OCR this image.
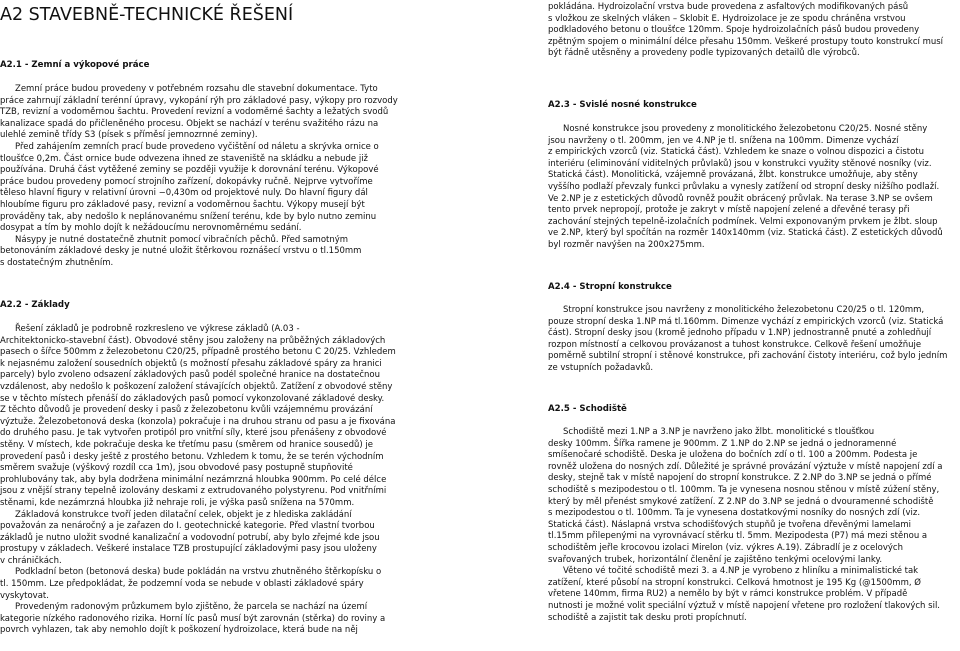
A2 STAVEBNĚ-TECHNICKÉ ŘEŠENÍ
A2.1 - Zemní a výkopové práce
Zemní práce budou provedeny v potřebném rozsahu dle stavební dokumentace. Tyto
práce zahrnují základní terénní úpravy, vykopání rýh pro základové pasy, výkopy pro rozvody
TZB, revizní a vodoměrnou šachtu. Provedení revizní a vodoměrné šachty a ležatých svodů
kanalizace spadá do přičleněného procesu. Objekt se nachází v terénu svažitého rázu na
ulehlé zemině třídy S3 (písek s příměsí jemnozrnné zeminy).
Před zahájením zemních prací bude provedeno vyčištění od náletu a skrývka ornice o
tloušťce 0,2m. Část ornice bude odvezena ihned ze staveniště na skládku a nebude již
používána. Druhá část vytěžené zeminy se později využije k dorovnání terénu. Výkopové
práce budou provedeny pomocí strojního zařízení, dokopávky ručně. Nejprve vytvoříme
těleso hlavní figury v relativní úrovni −0,430m od projektové nuly. Do hlavní figury dál
hloubíme figuru pro základové pasy, revizní a vodoměrnou šachtu. Výkopy musejí být
prováděny tak, aby nedošlo k neplánovanému snížení terénu, kde by bylo nutno zeminu
dosypat a tím by mohlo dojít k nežádoucímu nerovnoměrnému sedání.
Násypy je nutné dostatečně zhutnit pomocí vibračních pěchů. Před samotným
betonováním základové desky je nutné uložit štěrkovou roznášecí vrstvu o tl.150mm
s dostatečným zhutněním.
A2.2 - Základy
Řešení základů je podrobně rozkresleno ve výkrese základů (A.03 -
Architektonicko-stavební část). Obvodové stěny jsou založeny na průběžných základových
pasech o šířce 500mm z železobetonu C20/25, případně prostého betonu C 20/25. Vzhledem
k nejasnému založení sousedních objektů (s možností přesahu základové spáry za hranici
parcely) bylo zvoleno odsazení základových pasů podél společné hranice na dostatečnou
vzdálenost, aby nedošlo k poškození založení stávajících objektů. Zatížení z obvodové stěny
se v těchto místech přenáší do základových pasů pomocí vykonzolované základové desky.
Z těchto důvodů je provedení desky i pasů z železobetonu kvůli vzájemnému provázání
výztuže. Železobetonová deska (konzola) pokračuje i na druhou stranu od pasu a je fixována
do druhého pasu. Je tak vytvořen protipól pro vnitřní síly, které jsou přenášeny z obvodové
stěny. V místech, kde pokračuje deska ke třetímu pasu (směrem od hranice sousedů) je
provedení pasů i desky ještě z prostého betonu. Vzhledem k tomu, že se terén východním
směrem svažuje (výškový rozdíl cca 1m), jsou obvodové pasy postupně stupňovité
prohlubovány tak, aby byla dodržena minimální nezámrzná hloubka 900mm. Po celé délce
jsou z vnější strany tepelně izolovány deskami z extrudovaného polystyrenu. Pod vnitřními
stěnami, kde nezámrzná hloubka již nehraje roli, je výška pasů snížena na 570mm.
Základová konstrukce tvoří jeden dilatační celek, objekt je z hlediska zakládání
považován za nenáročný a je zařazen do I. geotechnické kategorie. Před vlastní tvorbou
základů je nutno uložit svodné kanalizační a vodovodní potrubí, aby bylo zřejmé kde jsou
prostupy v základech. Veškeré instalace TZB prostupující základovými pasy jsou uloženy
v chráničkách.
Podkladní beton (betonová deska) bude pokládán na vrstvu zhutněného štěrkopísku o
tl. 150mm. Lze předpokládat, že podzemní voda se nebude v oblasti základové spáry
vyskytovat.
Provedeným radonovým průzkumem bylo zjištěno, že parcela se nachází na území
kategorie nízkého radonového rizika. Horní líc pasů musí být zarovnán (stěrka) do roviny a
povrch vyhlazen, tak aby nemohlo dojít k poškození hydroizolace, která bude na něj
pokládána. Hydroizolační vrstva bude provedena z asfaltových modifikovaných pásů
s vložkou ze skelných vláken – Sklobit E. Hydroizolace je ze spodu chráněna vrstvou
podkladového betonu o tloušťce 120mm. Spoje hydroizolačních pásů budou provedeny
zpětným spojem o minimální délce přesahu 150mm. Veškeré prostupy touto konstrukcí musí
být řádně utěsněny a provedeny podle typizovaných detailů dle výrobců.
A2.3 - Svislé nosné konstrukce
Nosné konstrukce jsou provedeny z monolitického železobetonu C20/25. Nosné stěny
jsou navrženy o tl. 200mm, jen ve 4.NP je tl. snížena na 100mm. Dimenze vychází
z empirických vzorců (viz. Statická část). Vzhledem ke snaze o volnou dispozici a čistotu
interiéru (eliminování viditelných průvlaků) jsou v konstrukci využity stěnové nosníky (viz.
Statická část). Monolitická, vzájemně provázaná, žlbt. konstrukce umožňuje, aby stěny
vyššího podlaží převzaly funkci průvlaku a vynesly zatížení od stropní desky nižšího podlaží.
Ve 2.NP je z estetických důvodů rovněž použit obrácený průvlak. Na terase 3.NP se ovšem
tento prvek nepropojí, protože je zakryt v místě napojení zelené a dřevěné terasy při
zachování stejných tepelně-izolačních podmínek. Velmi exponovaným prvkem je žlbt. sloup
ve 2.NP, který byl spočítán na rozměr 140x140mm (viz. Statická část). Z estetických důvodů
byl rozměr navýšen na 200x275mm.
A2.4 - Stropní konstrukce
Stropní konstrukce jsou navrženy z monolitického železobetonu C20/25 o tl. 120mm,
pouze stropní deska 1.NP má tl.160mm. Dimenze vychází z empirických vzorců (viz. Statická
část). Stropní desky jsou (kromě jednoho případu v 1.NP) jednostranně pnuté a zohledňují
rozpon místností a celkovou provázanost a tuhost konstrukce. Celkově řešení umožňuje
poměrně subtilní stropní i stěnové konstrukce, při zachování čistoty interiéru, což bylo jedním
ze vstupních požadavků.
A2.5 - Schodiště
Schodiště mezi 1.NP a 3.NP je navrženo jako žlbt. monolitické s tloušťkou
desky 100mm. Šířka ramene je 900mm. Z 1.NP do 2.NP se jedná o jednoramenné
smíšenočaré schodiště. Deska je uložena do bočních zdí o tl. 100 a 200mm. Podesta je
rovněž uložena do nosných zdí. Důležité je správné provázání výztuže v místě napojení zdí a
desky, stejně tak v místě napojení do stropní konstrukce. Z 2.NP do 3.NP se jedná o přímé
schodiště s mezipodestou o tl. 100mm. Ta je vynesena nosnou stěnou v místě zúžení stěny,
který by měl přenést smykové zatížení. Z 2.NP do 3.NP se jedná o dvouramenné schodiště
s mezipodestou o tl. 100mm. Ta je vynesena dostatkovými nosníky do nosných zdí (viz.
Statická část). Náslapná vrstva schodišťových stupňů je tvořena dřevěnými lamelami
tl.15mm přilepenými na vyrovnávací stěrku tl. 5mm. Mezipodesta (P7) má mezi stěnou a
schodištěm jeřle krocovou izolaci Mirelon (viz. výkres A.19). Zábradlí je z ocelových
svařovaných trubek, horizontální členění je zajištěno tenkými ocelovými lanky.
Věteno vé točité schodiště mezi 3. a 4.NP je vyrobeno z hliníku a minimalistické tak
zatížení, které působí na stropní konstrukci. Celková hmotnost je 195 Kg (@1500mm, Ø
vřetene 140mm, firma RU2) a nemělo by být v rámci konstrukce problém. V případě
nutnosti je možné volit speciální výztuž v místě napojení vřetene pro rozložení tlakových sil.
schodiště a zajistit tak desku proti propíchnutí.
